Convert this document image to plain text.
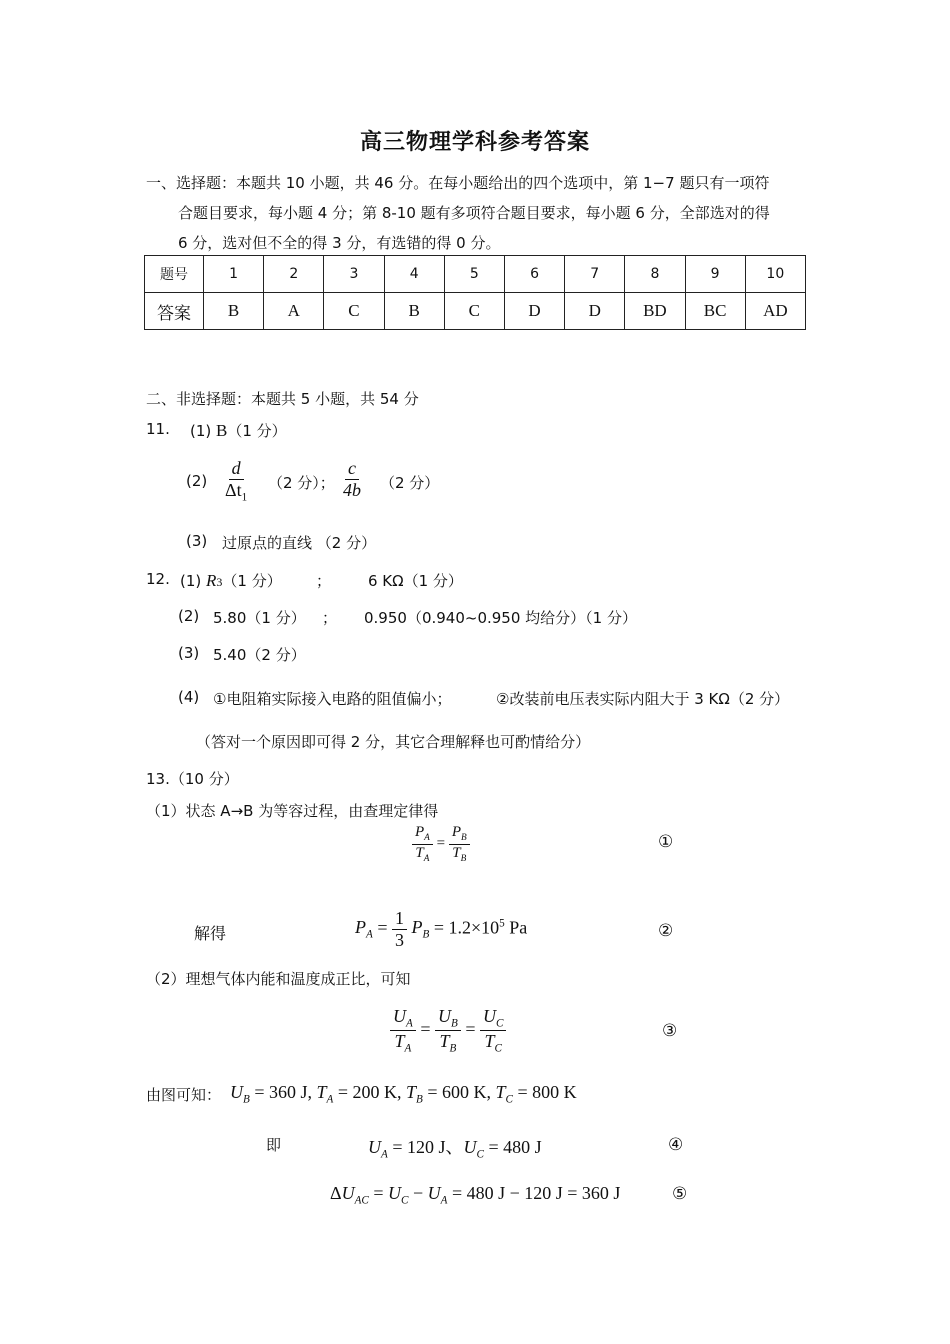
高三物理学科参考答案
一、选择题：本题共 10 小题，共 46 分。在每小题给出的四个选项中，第 1−7 题只有一项符
合题目要求，每小题 4 分；第 8-10 题有多项符合题目要求，每小题 6 分，全部选对的得
6 分，选对但不全的得 3 分，有选错的得 0 分。
题号	1	2	3	4	5	6	7	8	9	10
答案	B	A	C	B	C	D	D	BD	BC	AD
二、非选择题：本题共 5 小题，共 54 分
11. (1) B（1 分）
$(2) \frac{d}{\Delta t_1} (2$ 分）； $\frac{c}{4b} (2$ 分）
(3) 过原点的直线 （2 分）
12. (1) R3（1 分） ； 6 KΩ（1 分）
(2) 5.80（1 分） ； 0.950（0.940~0.950 均给分）（1 分）
(3) 5.40（2 分）
(4) ①电阻箱实际接入电路的阻值偏小；	②改装前电压表实际内阻大于 3 KΩ（2 分）
（答对一个原因即可得 2 分，其它合理解释也可酌情给分）
13.（10 分）
（1）状态 A→B 为等容过程，由查理定律得
$\frac{P_A}{T_A} = \frac{P_B}{T_B}$	①
解得	$P_A = \frac{1}{3} P_B = 1.2\times 10^5$ Pa	②
（2）理想气体内能和温度成正比，可知
$\frac{U_A}{T_A} = \frac{U_B}{T_B} = \frac{U_C}{T_C}$	③
由图可知： $U_B = 360$ J, $T_A = 200$ K, $T_B = 600$ K, $T_C = 800$ K
即	$U_A = 120$ J、$U_C = 480$ J	④
$\Delta U_{AC} = U_C - U_A = 480$ J − 120 J = 360 J	⑤
